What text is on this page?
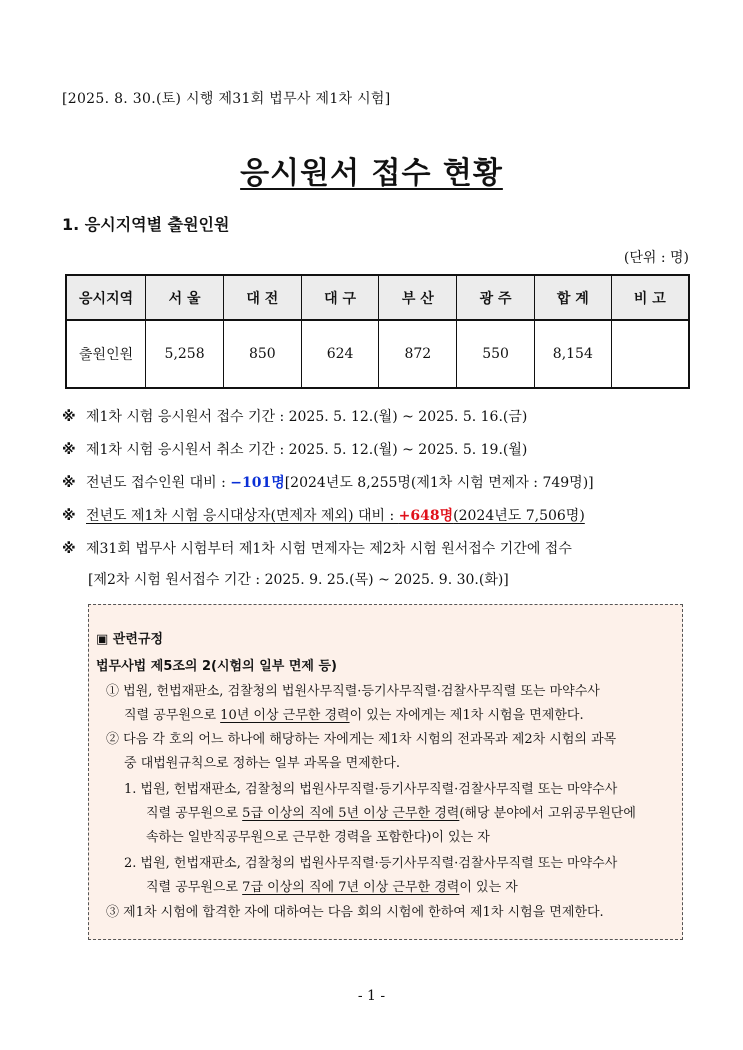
[2025. 8. 30.(토) 시행 제31회 법무사 제1차 시험]
응시원서 접수 현황
1. 응시지역별 출원인원
(단위 : 명)
응시지역	서 울	대 전	대 구	부 산	광 주	합 계	비 고
출원인원	5,258	850	624	872	550	8,154	
※ 제1차 시험 응시원서 접수 기간 : 2025. 5. 12.(월) ~ 2025. 5. 16.(금)
※ 제1차 시험 응시원서 취소 기간 : 2025. 5. 12.(월) ~ 2025. 5. 19.(월)
※ 전년도 접수인원 대비 : −101명[2024년도 8,255명(제1차 시험 면제자 : 749명)]
※ 전년도 제1차 시험 응시대상자(면제자 제외) 대비 : +648명(2024년도 7,506명)
※ 제31회 법무사 시험부터 제1차 시험 면제자는 제2차 시험 원서접수 기간에 접수
[제2차 시험 원서접수 기간 : 2025. 9. 25.(목) ~ 2025. 9. 30.(화)]
▣ 관련규정
법무사법 제5조의 2(시험의 일부 면제 등)
① 법원, 헌법재판소, 검찰청의 법원사무직렬·등기사무직렬·검찰사무직렬 또는 마약수사
직렬 공무원으로 10년 이상 근무한 경력이 있는 자에게는 제1차 시험을 면제한다.
② 다음 각 호의 어느 하나에 해당하는 자에게는 제1차 시험의 전과목과 제2차 시험의 과목
중 대법원규칙으로 정하는 일부 과목을 면제한다.
1. 법원, 헌법재판소, 검찰청의 법원사무직렬·등기사무직렬·검찰사무직렬 또는 마약수사
직렬 공무원으로 5급 이상의 직에 5년 이상 근무한 경력(해당 분야에서 고위공무원단에
속하는 일반직공무원으로 근무한 경력을 포함한다)이 있는 자
2. 법원, 헌법재판소, 검찰청의 법원사무직렬·등기사무직렬·검찰사무직렬 또는 마약수사
직렬 공무원으로 7급 이상의 직에 7년 이상 근무한 경력이 있는 자
③ 제1차 시험에 합격한 자에 대하여는 다음 회의 시험에 한하여 제1차 시험을 면제한다.
- 1 -
